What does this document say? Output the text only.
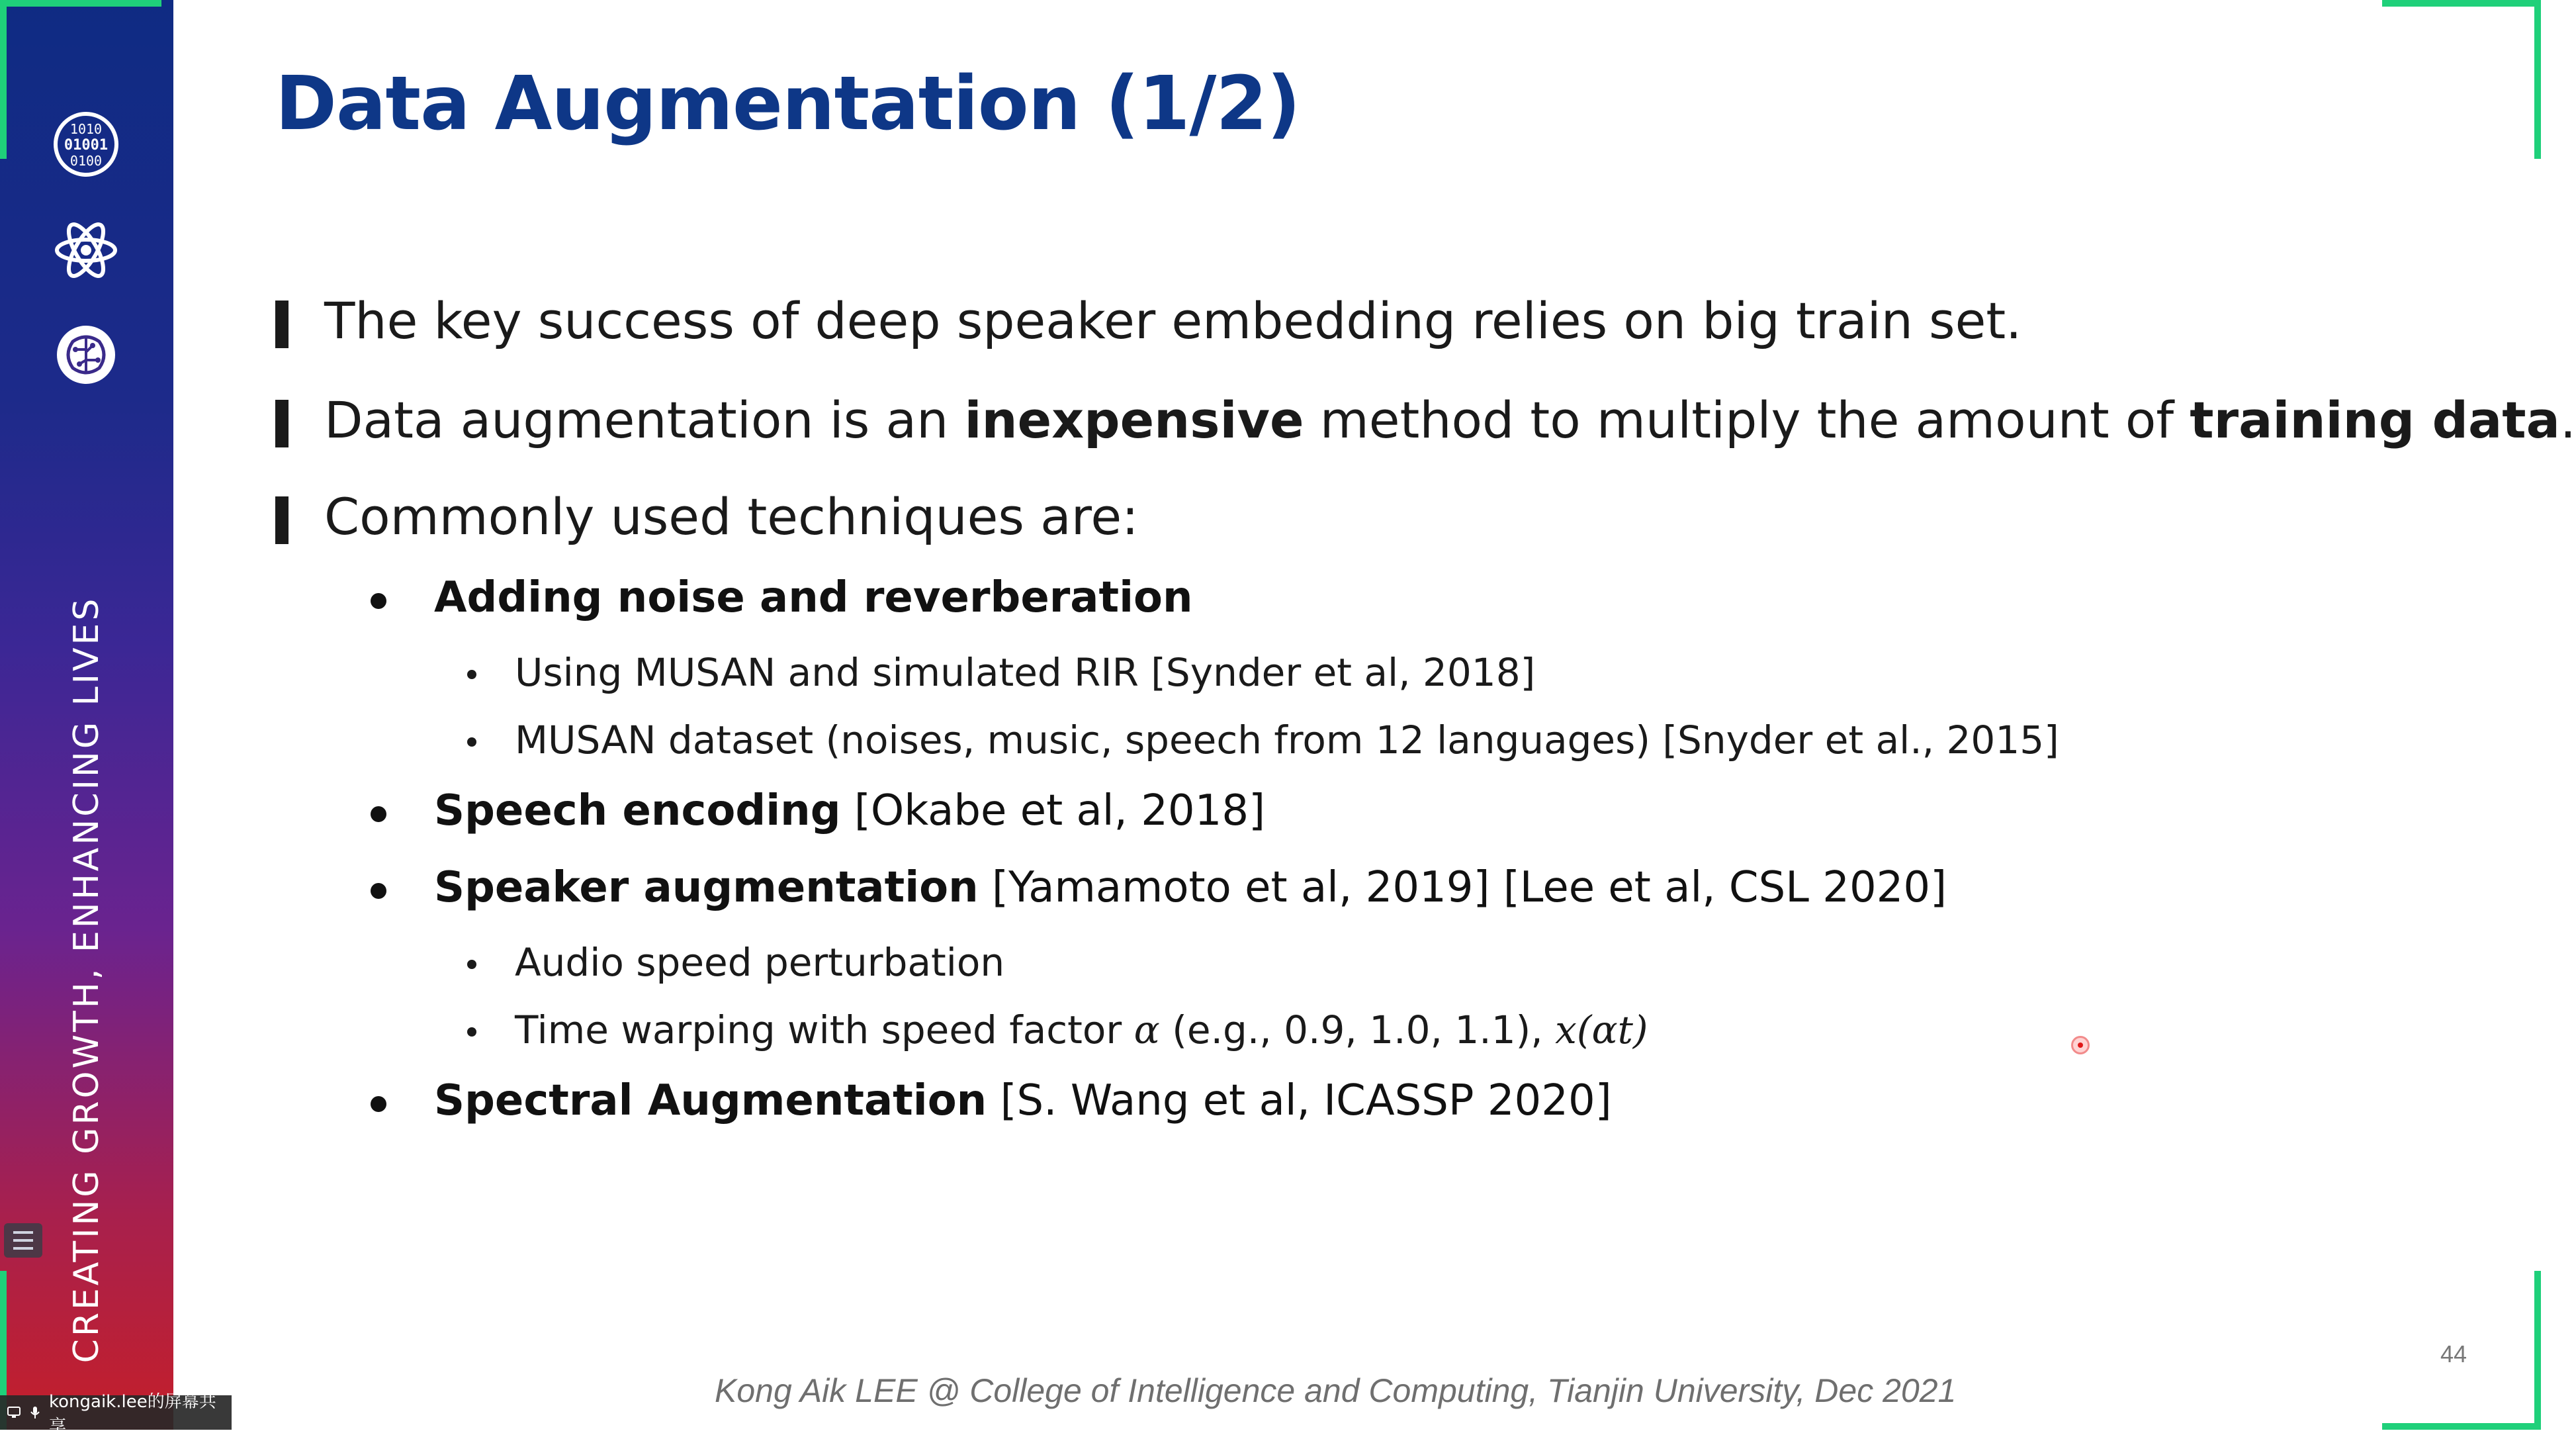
1010
01001
0100
CREATING GROWTH, ENHANCING LIVES
Data Augmentation (1/2)
The key success of deep speaker embedding relies on big train set.
Data augmentation is an inexpensive method to multiply the amount of training data.
Commonly used techniques are:
Adding noise and reverberation
Using MUSAN and simulated RIR [Synder et al, 2018]
MUSAN dataset (noises, music, speech from 12 languages) [Snyder et al., 2015]
Speech encoding [Okabe et al, 2018]
Speaker augmentation [Yamamoto et al, 2019] [Lee et al, CSL 2020]
Audio speed perturbation
Time warping with speed factor α (e.g., 0.9, 1.0, 1.1), x(αt)
Spectral Augmentation [S. Wang et al, ICASSP 2020]
44
Kong Aik LEE @ College of Intelligence and Computing, Tianjin University, Dec 2021
kongaik.lee的屏幕共享
